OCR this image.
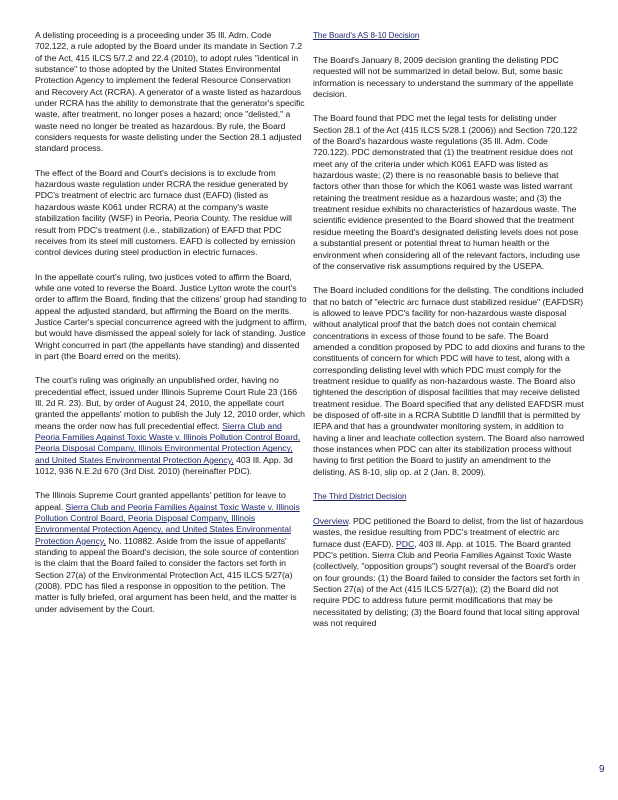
A delisting proceeding is a proceeding under 35 Ill. Adm. Code 702.122, a rule adopted by the Board under its mandate in Section 7.2 of the Act, 415 ILCS 5/7.2 and 22.4 (2010), to adopt rules "identical in substance" to those adopted by the United States Environmental Protection Agency to implement the federal Resource Conservation and Recovery Act (RCRA). A generator of a waste listed as hazardous under RCRA has the ability to demonstrate that the generator's specific waste, after treatment, no longer poses a hazard; once "delisted," a waste need no longer be treated as hazardous. By rule, the Board considers requests for waste delisting under the Section 28.1 adjusted standard process.

The effect of the Board and Court's decisions is to exclude from hazardous waste regulation under RCRA the residue generated by PDC's treatment of electric arc furnace dust (EAFD) (listed as hazardous waste K061 under RCRA) at the company's waste stabilization facility (WSF) in Peoria, Peoria County. The residue will result from PDC's treatment (i.e., stabilization) of EAFD that PDC receives from its steel mill customers. EAFD is collected by emission control devices during steel production in electric furnaces.

In the appellate court's ruling, two justices voted to affirm the Board, while one voted to reverse the Board. Justice Lytton wrote the court's order to affirm the Board, finding that the citizens' group had standing to appeal the adjusted standard, but affirming the Board on the merits. Justice Carter's special concurrence agreed with the judgment to affirm, but would have dismissed the appeal solely for lack of standing. Justice Wright concurred in part (the appellants have standing) and dissented in part (the Board erred on the merits).

The court's ruling was originally an unpublished order, having no precedential effect, issued under Illinois Supreme Court Rule 23 (166 Ill. 2d R. 23). But, by order of August 24, 2010, the appellate court granted the appellants' motion to publish the July 12, 2010 order, which means the order now has full precedential effect. Sierra Club and Peoria Families Against Toxic Waste v. Illinois Pollution Control Board, Peoria Disposal Company, Illinois Environmental Protection Agency, and United States Environmental Protection Agency, 403 Ill. App. 3d 1012, 936 N.E.2d 670 (3rd Dist. 2010) (hereinafter PDC).

The Illinois Supreme Court granted appellants' petition for leave to appeal. Sierra Club and Peoria Families Against Toxic Waste v. Illinois Pollution Control Board, Peoria Disposal Company, Illinois Environmental Protection Agency, and United States Environmental Protection Agency, No. 110882. Aside from the issue of appellants' standing to appeal the Board's decision, the sole source of contention is the claim that the Board failed to consider the factors set forth in Section 27(a) of the Environmental Protection Act, 415 ILCS 5/27(a) (2008). PDC has filed a response in opposition to the petition. The matter is fully briefed, oral argument has been held, and the matter is under advisement by the Court.

The Board's AS 8-10 Decision

The Board's January 8, 2009 decision granting the delisting PDC requested will not be summarized in detail below. But, some basic information is necessary to understand the summary of the appellate decision.

The Board found that PDC met the legal tests for delisting under Section 28.1 of the Act (415 ILCS 5/28.1 (2006)) and Section 720.122 of the Board's hazardous waste regulations (35 Ill. Adm. Code 720.122). PDC demonstrated that (1) the treatment residue does not meet any of the criteria under which K061 EAFD was listed as hazardous waste; (2) there is no reasonable basis to believe that factors other than those for which the K061 waste was listed warrant retaining the treatment residue as a hazardous waste; and (3) the treatment residue exhibits no characteristics of hazardous waste. The scientific evidence presented to the Board showed that the treatment residue meeting the Board's designated delisting levels does not pose a substantial present or potential threat to human health or the environment when considering all of the relevant factors, including use of the conservative risk assumptions required by the USEPA.

The Board included conditions for the delisting. The conditions included that no batch of "electric arc furnace dust stabilized residue" (EAFDSR) is allowed to leave PDC's facility for non-hazardous waste disposal without analytical proof that the batch does not contain chemical concentrations in excess of those found to be safe. The Board amended a condition proposed by PDC to add dioxins and furans to the constituents of concern for which PDC will have to test, along with a corresponding delisting level with which PDC must comply for the treatment residue to qualify as non-hazardous waste. The Board also tightened the description of disposal facilities that may receive delisted treatment residue. The Board specified that any delisted EAFDSR must be disposed of off-site in a RCRA Subtitle D landfill that is permitted by IEPA and that has a groundwater monitoring system, in addition to having a liner and leachate collection system. The Board also narrowed those instances when PDC can alter its stabilization process without having to first petition the Board to justify an amendment to the delisting. AS 8-10, slip op. at 2 (Jan. 8, 2009).

The Third District Decision

Overview. PDC petitioned the Board to delist, from the list of hazardous wastes, the residue resulting from PDC's treatment of electric arc furnace dust (EAFD). PDC, 403 Ill. App. at 1015. The Board granted PDC's petition. Sierra Club and Peoria Families Against Toxic Waste (collectively, "opposition groups") sought reversal of the Board's order on four grounds: (1) the Board failed to consider the factors set forth in Section 27(a) of the Act (415 ILCS 5/27(a)); (2) the Board did not require PDC to address future permit modifications that may be necessitated by delisting; (3) the Board found that local siting approval was not required

9
